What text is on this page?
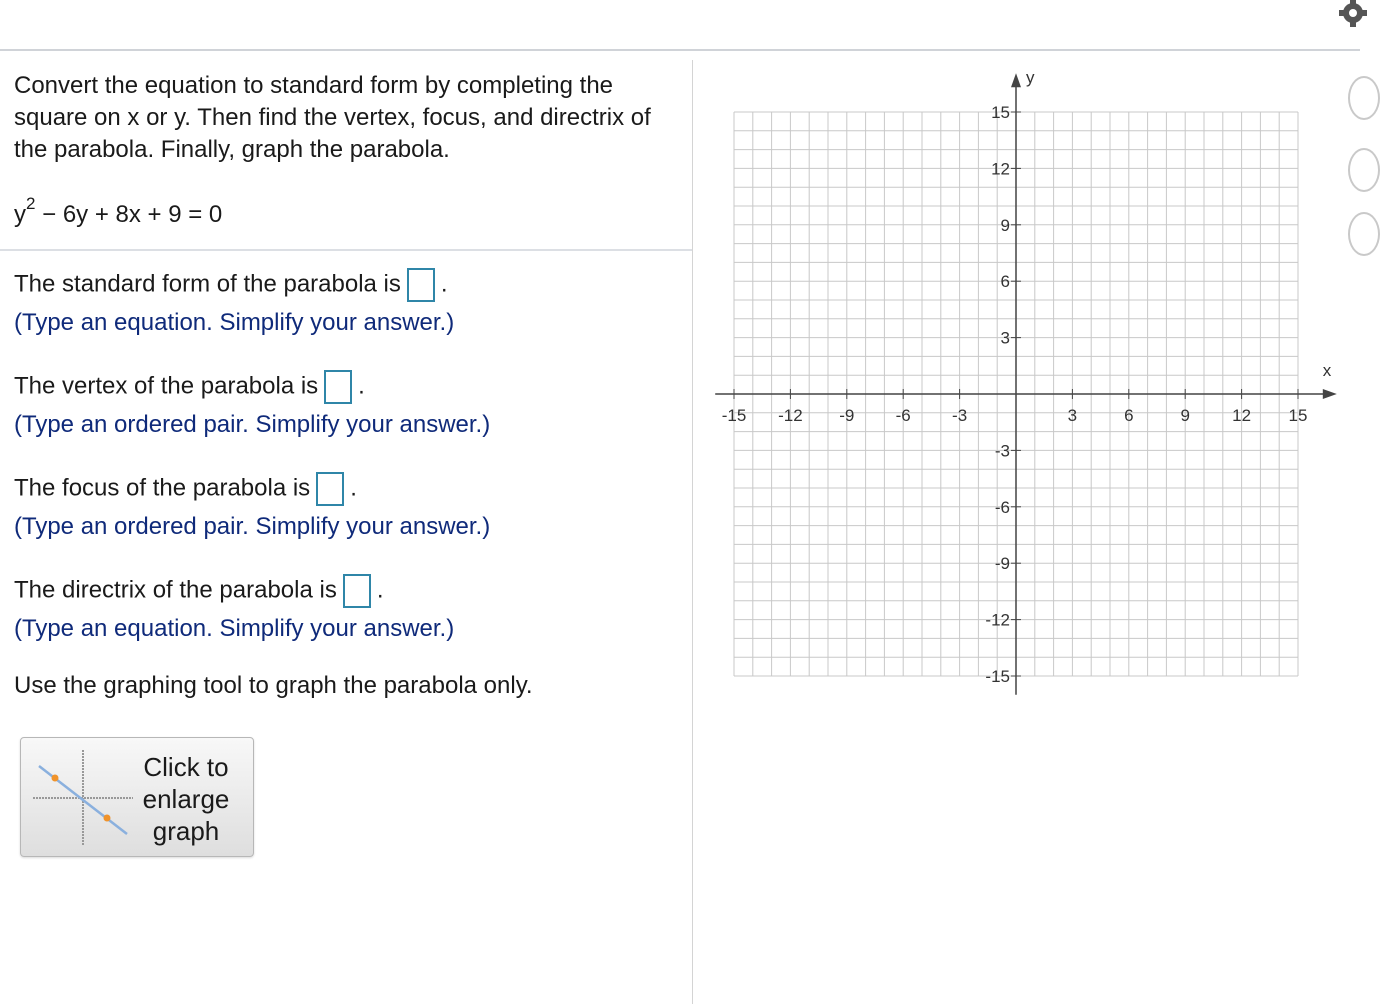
Convert the equation to standard form by completing the square on x or y. Then find the vertex, focus, and directrix of the parabola. Finally, graph the parabola.
$y^2 - 6y + 8x + 9 = 0$
The standard form of the parabola is .
(Type an equation. Simplify your answer.)
The vertex of the parabola is .
(Type an ordered pair. Simplify your answer.)
The focus of the parabola is .
(Type an ordered pair. Simplify your answer.)
The directrix of the parabola is .
(Type an equation. Simplify your answer.)
Use the graphing tool to graph the parabola only.
Click to
enlarge
graph
x
y
-15 -12 -9 -6 -3	3	6	9 12 15
15
12
9
6
3
-3
-6
-9
-12
-15
